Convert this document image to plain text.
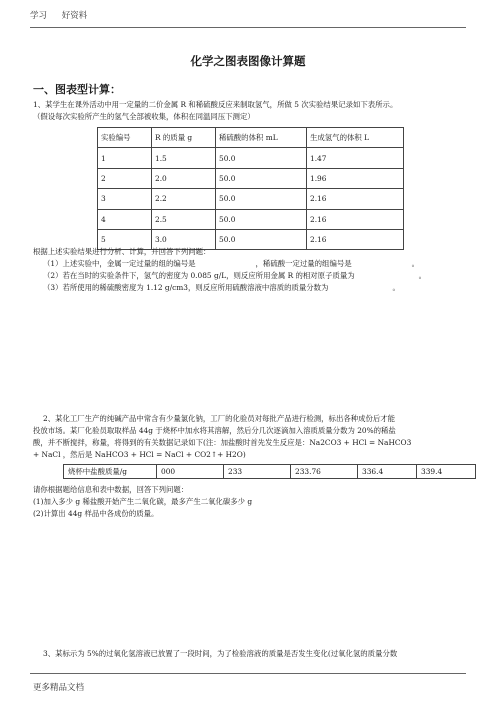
学习 好资料
化学之图表图像计算题
一、图表型计算：
1、某学生在课外活动中用一定量的二价金属 R 和稀硫酸反应来制取氢气，所做 5 次实验结果记录如下表所示。
（假设每次实验所产生的氢气全部被收集，体积在同温同压下测定）
实验编号	R 的质量 g	稀硫酸的体积 mL	生成氢气的体积 L
1	1.5	50.0	1.47
2	2.0	50.0	1.96
3	2.2	50.0	2.16
4	2.5	50.0	2.16
5	3.0	50.0	2.16
根据上述实验结果进行分析、计算，并回答下列问题：
（1）上述实验中，金属一定过量的组的编号是	，稀硫酸一定过量的组编号是	。
（2）若在当时的实验条件下，氢气的密度为 0.085 g/L，则反应所用金属 R 的相对原子质量为	。
（3）若所使用的稀硫酸密度为 1.12 g/cm3，则反应所用硫酸溶液中溶质的质量分数为	。
2、某化工厂生产的纯碱产品中常含有少量氯化钠，工厂的化验员对每批产品进行检测，标出各种成份后才能
投放市场。某厂化验员取取样品 44g 于烧杯中加水将其溶解，然后分几次逐滴加入溶质质量分数为 20%的稀盐
酸，并不断搅拌，称量，将得到的有关数据记录如下(注：加盐酸时首先发生反应是：Na2CO3 + HCl = NaHCO3
+ NaCl ，然后是 NaHCO3 + HCl = NaCl + CO2↑+ H2O)
烧杯中盐酸质量/g	000	233	233.76	336.4	339.4
请你根据题给信息和表中数据，回答下列问题：
(1)加入多少 g 稀盐酸开始产生二氧化碳，最多产生二氧化碳多少 g
(2)计算出 44g 样品中各成份的质量。
3、某标示为 5%的过氧化氢溶液已放置了一段时间，为了检验溶液的质量是否发生变化(过氧化氢的质量分数
更多精品文档
